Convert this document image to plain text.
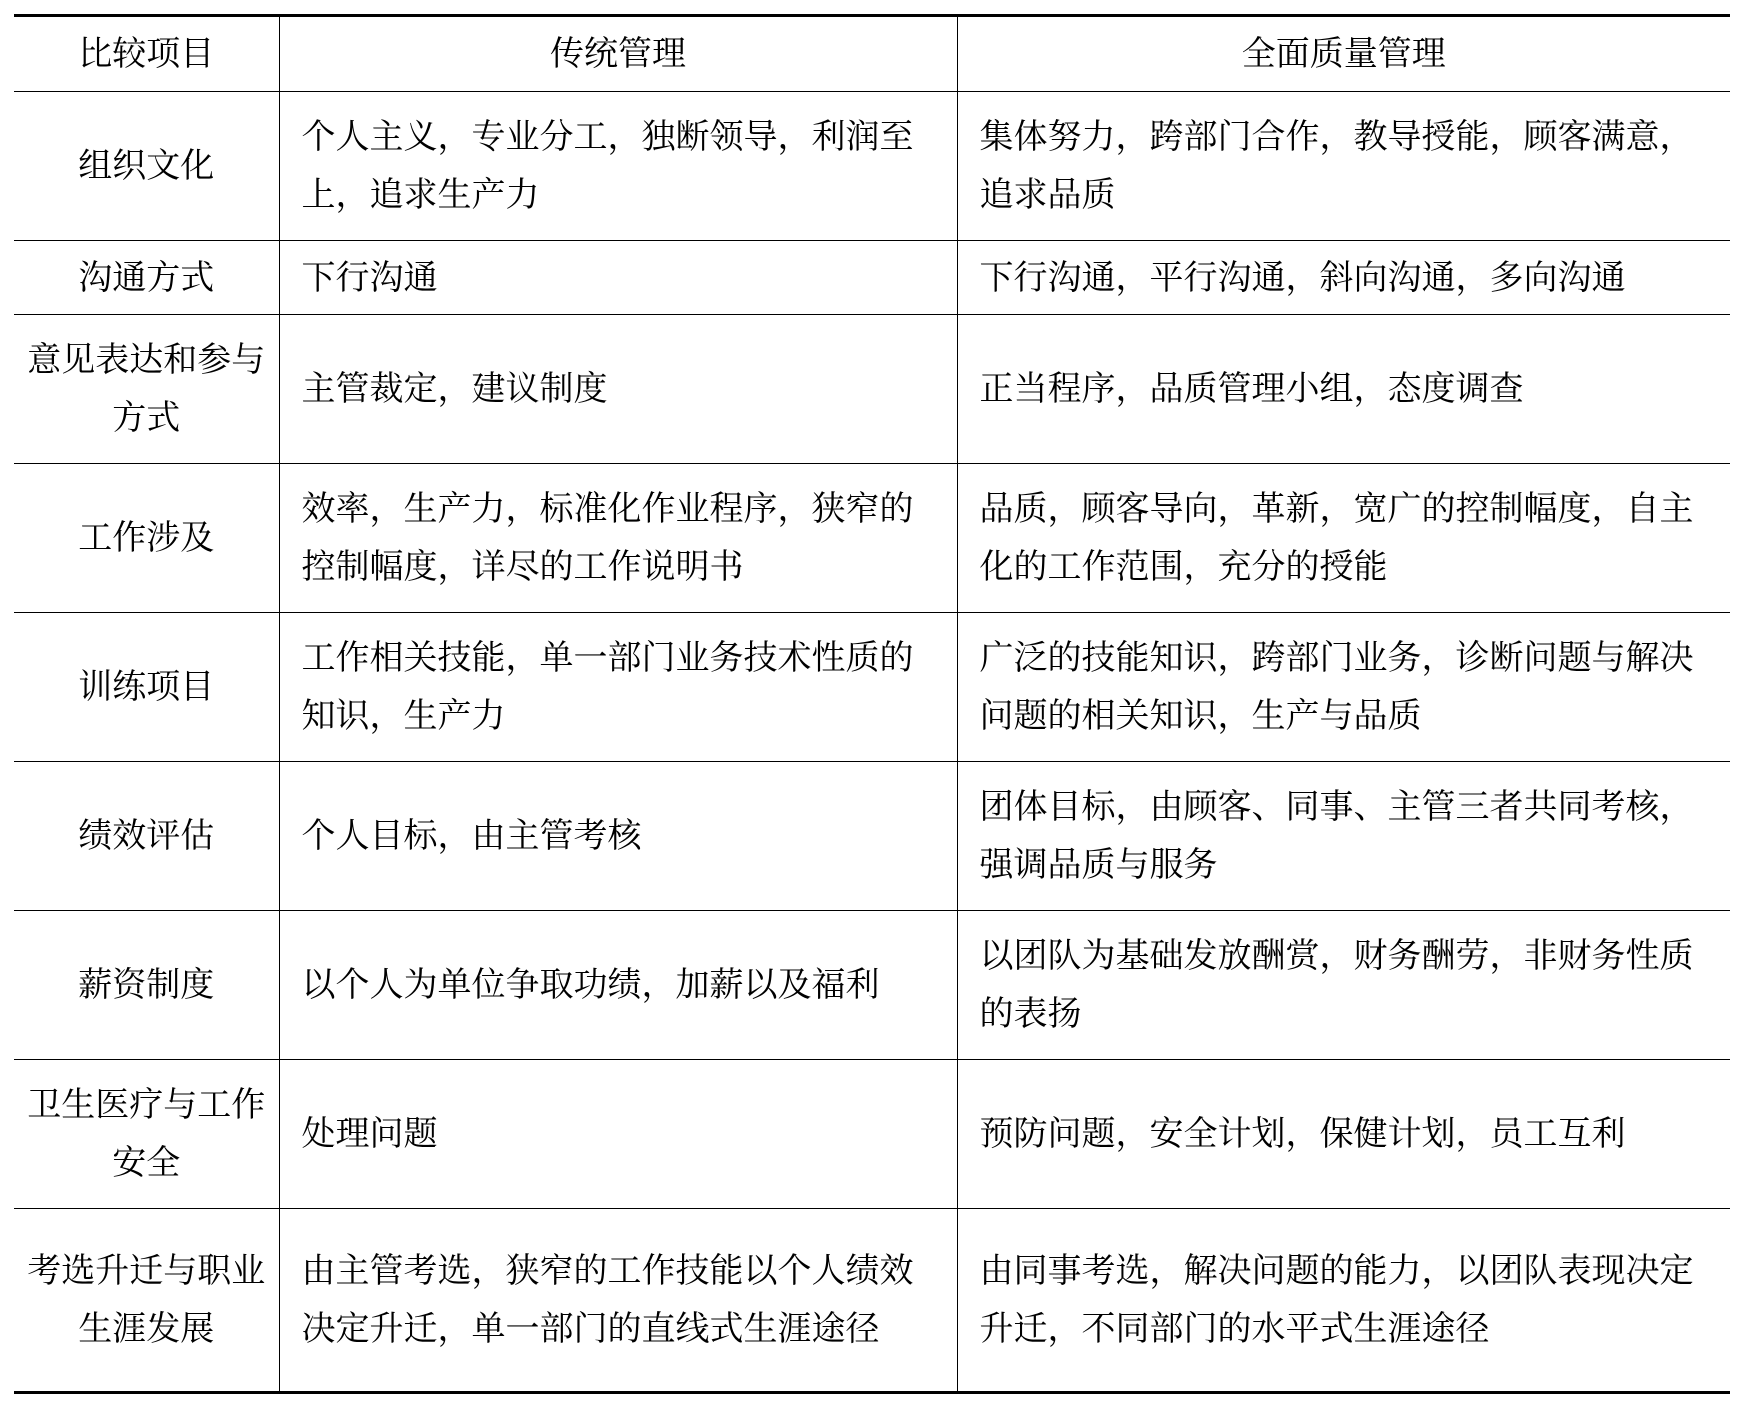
比较项目	传统管理	全面质量管理
组织文化	个人主义，专业分工，独断领导，利润至上，追求生产力	集体努力，跨部门合作，教导授能，顾客满意，追求品质
沟通方式	下行沟通	下行沟通，平行沟通，斜向沟通，多向沟通
意见表达和参与方式	主管裁定，建议制度	正当程序，品质管理小组，态度调查
工作涉及	效率，生产力，标准化作业程序，狭窄的控制幅度，详尽的工作说明书	品质，顾客导向，革新，宽广的控制幅度，自主化的工作范围，充分的授能
训练项目	工作相关技能，单一部门业务技术性质的知识，生产力	广泛的技能知识，跨部门业务，诊断问题与解决问题的相关知识，生产与品质
绩效评估	个人目标，由主管考核	团体目标，由顾客、同事、主管三者共同考核，强调品质与服务
薪资制度	以个人为单位争取功绩，加薪以及福利	以团队为基础发放酬赏，财务酬劳，非财务性质的表扬
卫生医疗与工作安全	处理问题	预防问题，安全计划，保健计划，员工互利
考选升迁与职业生涯发展	由主管考选，狭窄的工作技能以个人绩效决定升迁，单一部门的直线式生涯途径	由同事考选，解决问题的能力，以团队表现决定升迁，不同部门的水平式生涯途径
